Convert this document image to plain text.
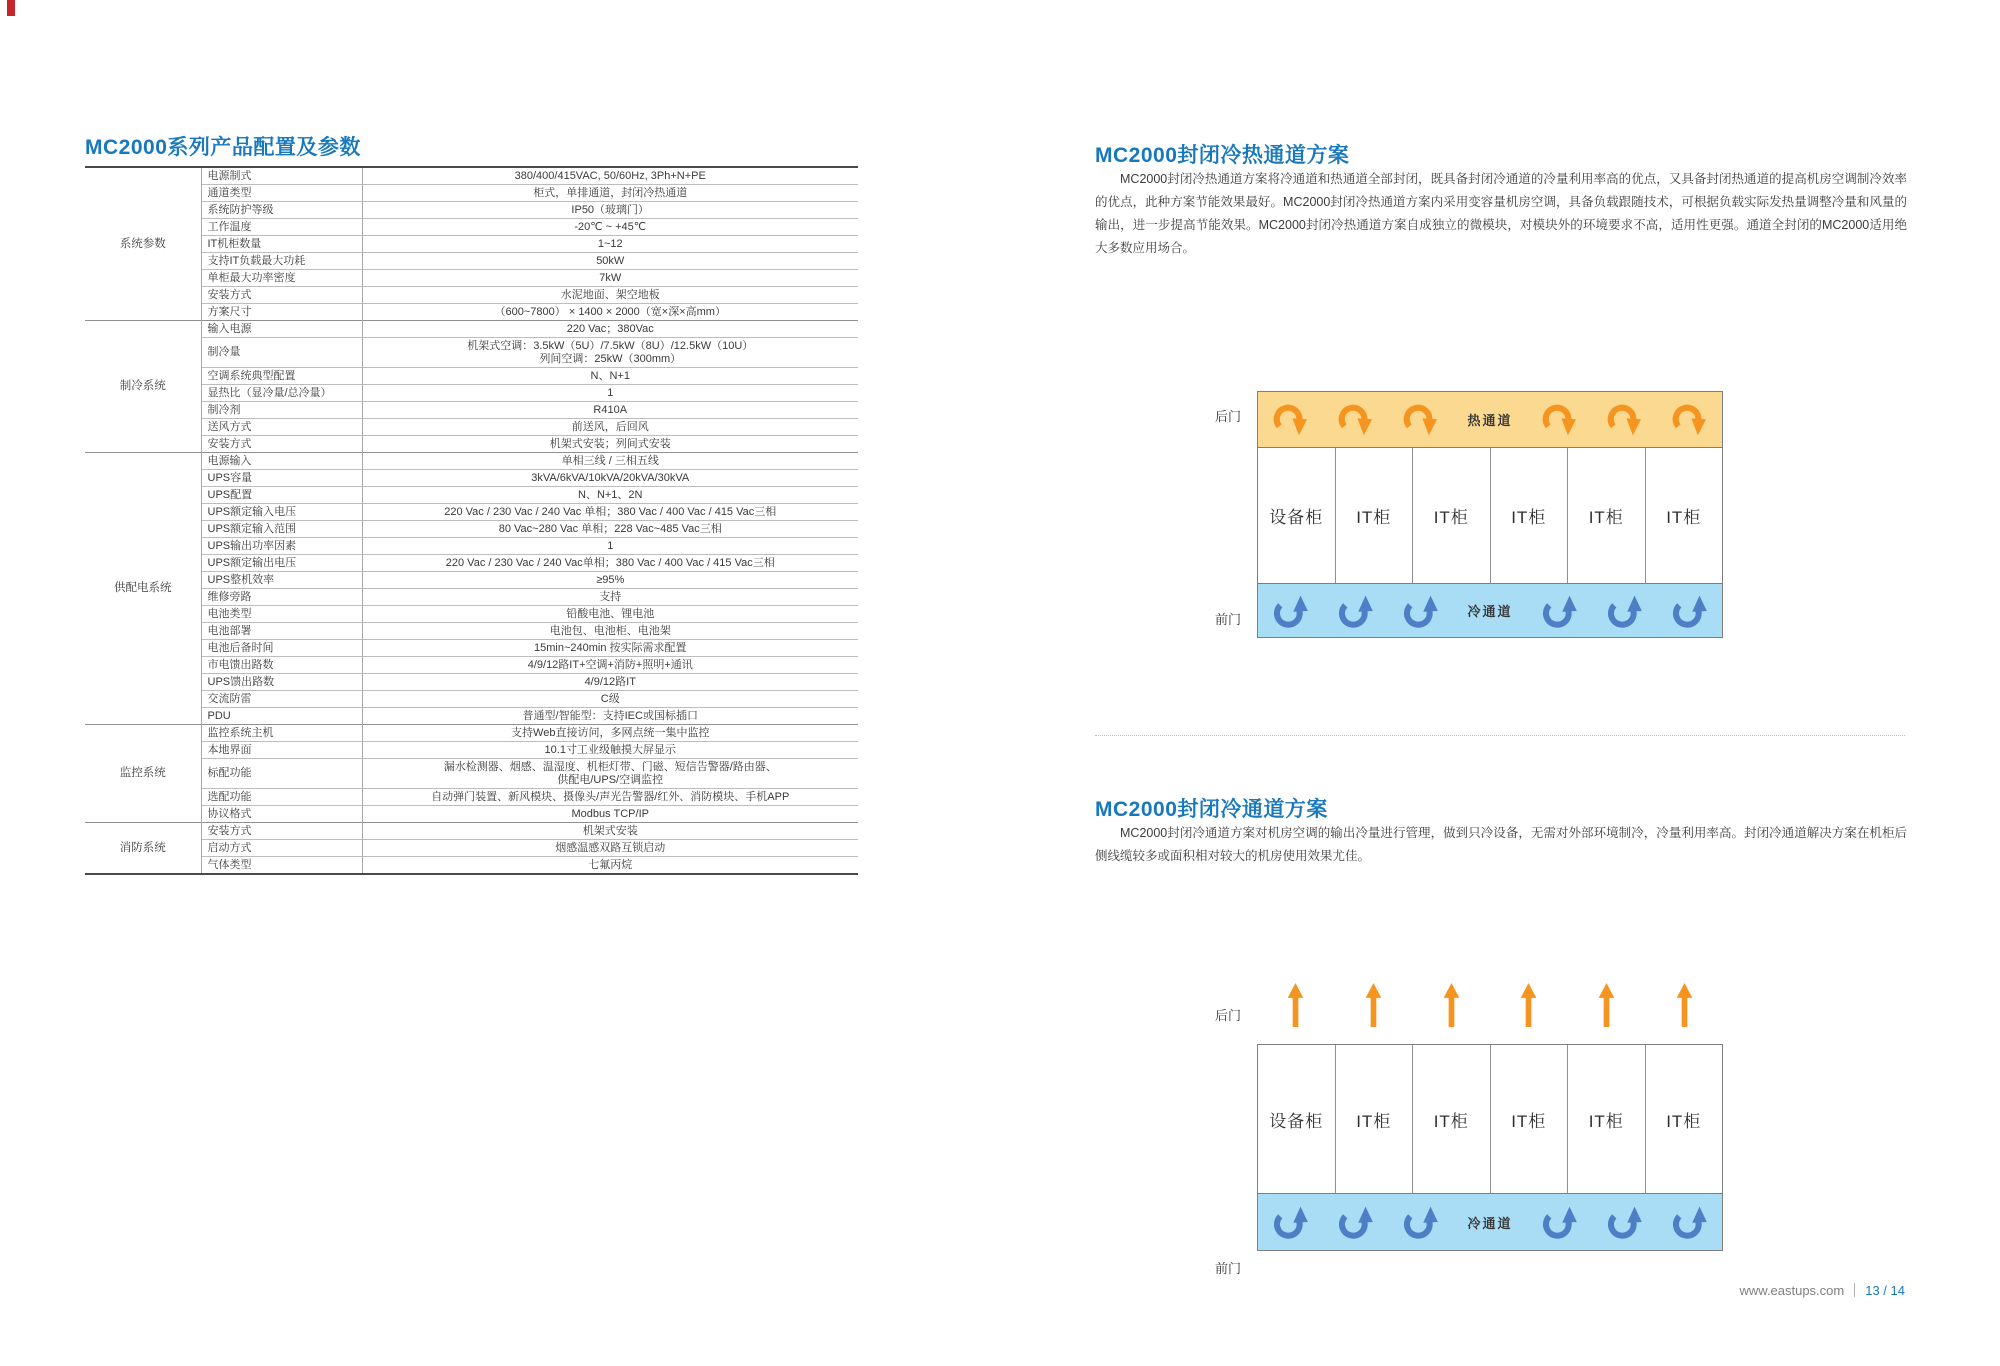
MC2000系列产品配置及参数
系统参数	电源制式	380/400/415VAC, 50/60Hz, 3Ph+N+PE

	通道类型	柜式，单排通道，封闭冷热通道

	系统防护等级	IP50（玻璃门）

	工作温度	-20℃ ~ +45℃

	IT机柜数量	1~12

	支持IT负载最大功耗	50kW

	单柜最大功率密度	7kW

	安装方式	水泥地面、架空地板

	方案尺寸	（600~7800） × 1400 × 2000（宽×深×高mm）

制冷系统	输入电源	220 Vac；380Vac

	制冷量	机架式空调：3.5kW（5U）/7.5kW（8U）/12.5kW（10U）
列间空调：25kW（300mm）

	空调系统典型配置	N、N+1

	显热比（显冷量/总冷量）	1

	制冷剂	R410A

	送风方式	前送风，后回风

	安装方式	机架式安装；列间式安装

供配电系统	电源输入	单相三线 / 三相五线

	UPS容量	3kVA/6kVA/10kVA/20kVA/30kVA

	UPS配置	N、N+1、2N

	UPS额定输入电压	220 Vac / 230 Vac / 240 Vac 单相；380 Vac / 400 Vac / 415 Vac三相

	UPS额定输入范围	80 Vac~280 Vac 单相；228 Vac~485 Vac三相

	UPS输出功率因素	1

	UPS额定输出电压	220 Vac / 230 Vac / 240 Vac单相；380 Vac / 400 Vac / 415 Vac三相

	UPS整机效率	≥95%

	维修旁路	支持

	电池类型	铅酸电池、锂电池

	电池部署	电池包、电池柜、电池架

	电池后备时间	15min~240min 按实际需求配置

	市电馈出路数	4/9/12路IT+空调+消防+照明+通讯

	UPS馈出路数	4/9/12路IT

	交流防雷	C级

	PDU	普通型/智能型：支持IEC或国标插口

监控系统	监控系统主机	支持Web直接访问，多网点统一集中监控

	本地界面	10.1寸工业级触摸大屏显示

	标配功能	漏水检测器、烟感、温湿度、机柜灯带、门磁、短信告警器/路由器、
供配电/UPS/空调监控

	选配功能	自动弹门装置、新风模块、摄像头/声光告警器/红外、消防模块、手机APP

	协议格式	Modbus TCP/IP

消防系统	安装方式	机架式安装

	启动方式	烟感温感双路互锁启动

	气体类型	七氟丙烷
MC2000封闭冷热通道方案

MC2000封闭冷热通道方案将冷通道和热通道全部封闭，既具备封闭冷通道的冷量利用率高的优点，又具备封闭热通道的提高机房空调制冷效率的优点，此种方案节能效果最好。MC2000封闭冷热通道方案内采用变容量机房空调，具备负载跟随技术，可根据负载实际发热量调整冷量和风量的输出，进一步提高节能效果。MC2000封闭冷热通道方案自成独立的微模块，对模块外的环境要求不高，适用性更强。通道全封闭的MC2000适用绝大多数应用场合。

后门	热通道
设备柜	IT柜	IT柜	IT柜	IT柜	IT柜
冷通道
前门
MC2000封闭冷通道方案

MC2000封闭冷通道方案对机房空调的输出冷量进行管理，做到只冷设备，无需对外部环境制冷，冷量利用率高。封闭冷通道解决方案在机柜后侧线缆较多或面积相对较大的机房使用效果尤佳。

后门
设备柜	IT柜	IT柜	IT柜	IT柜	IT柜
冷通道
前门
www.eastups.com 13 / 14
